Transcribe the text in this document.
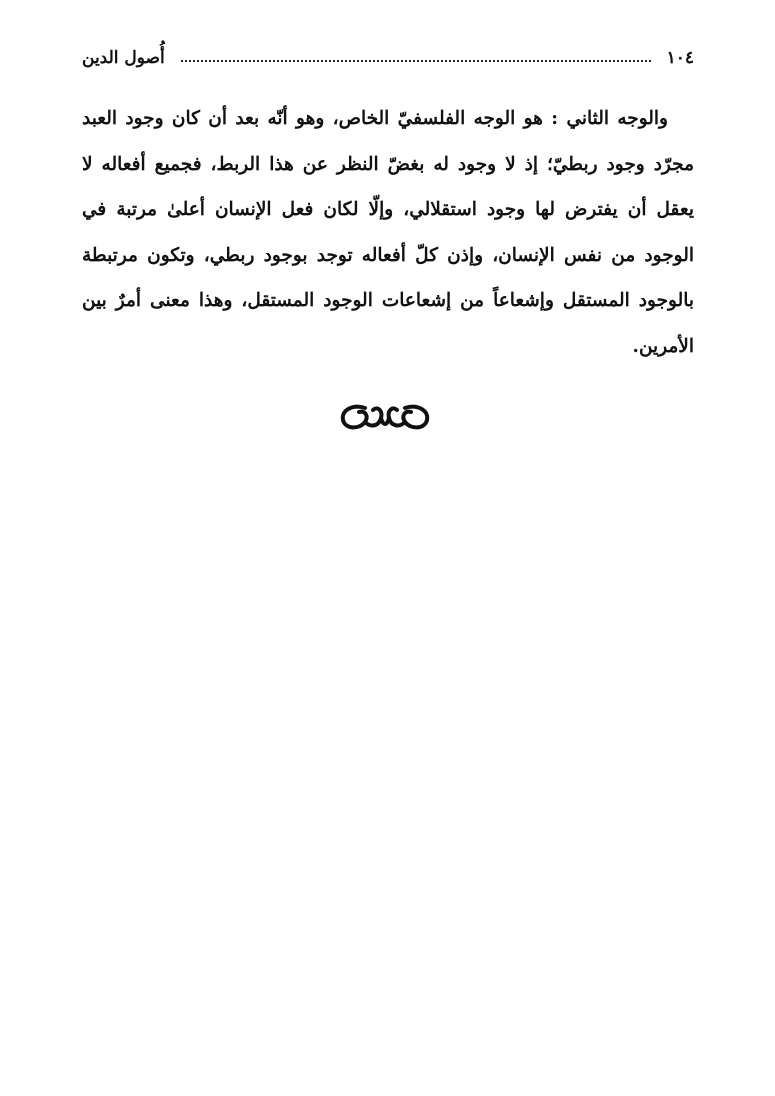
١٠٤
أُصول الدين

والوجه الثاني : هو الوجه الفلسفيّ الخاص، وهو أنّه بعد أن كان وجود العبد مجرّد وجود ربطيّ؛ إذ لا وجود له بغضّ النظر عن هذا الربط، فجميع أفعاله لا يعقل أن يفترض لها وجود استقلالي، وإلّا لكان فعل الإنسان أعلىٰ مرتبة في الوجود من نفس الإنسان، وإذن كلّ أفعاله توجد بوجود ربطي، وتكون مرتبطة بالوجود المستقل وإشعاعاً من إشعاعات الوجود المستقل، وهذا معنى أمرٌ بين الأمرين.
